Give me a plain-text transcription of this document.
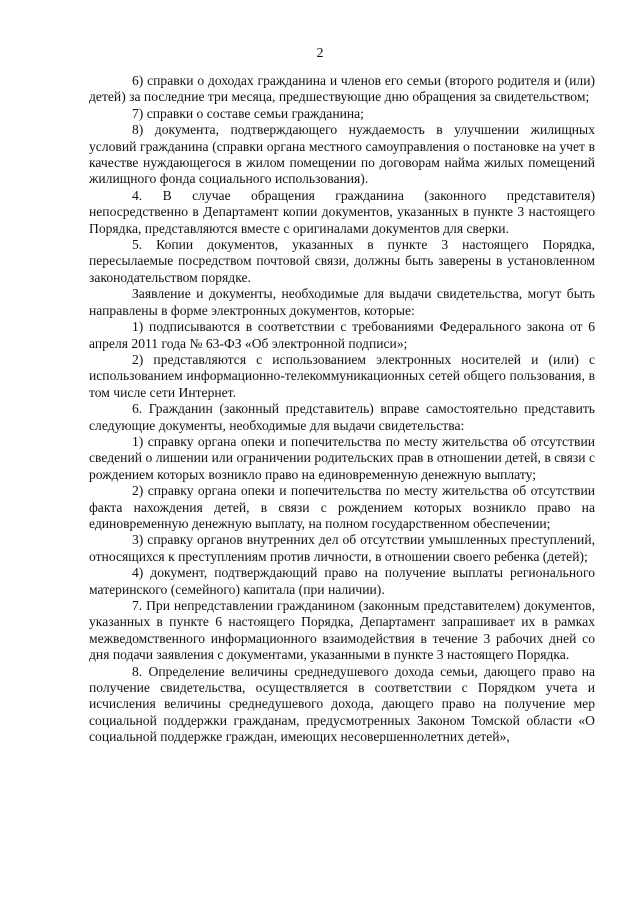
2

6) справки о доходах гражданина и членов его семьи (второго родителя и (или) детей) за последние три месяца, предшествующие дню обращения за свидетельством;

7) справки о составе семьи гражданина;

8) документа, подтверждающего нуждаемость в улучшении жилищных условий гражданина (справки органа местного самоуправления о постановке на учет в качестве нуждающегося в жилом помещении по договорам найма жилых помещений жилищного фонда социального использования).

4. В случае обращения гражданина (законного представителя) непосредственно в Департамент копии документов, указанных в пункте 3 настоящего Порядка, представляются вместе с оригиналами документов для сверки.

5. Копии документов, указанных в пункте 3 настоящего Порядка, пересылаемые посредством почтовой связи, должны быть заверены в установленном законодательством порядке.

Заявление и документы, необходимые для выдачи свидетельства, могут быть направлены в форме электронных документов, которые:

1) подписываются в соответствии с требованиями Федерального закона от 6 апреля 2011 года № 63-ФЗ «Об электронной подписи»;

2) представляются с использованием электронных носителей и (или) с использованием информационно-телекоммуникационных сетей общего пользования, в том числе сети Интернет.

6. Гражданин (законный представитель) вправе самостоятельно представить следующие документы, необходимые для выдачи свидетельства:

1) справку органа опеки и попечительства по месту жительства об отсутствии сведений о лишении или ограничении родительских прав в отношении детей, в связи с рождением которых возникло право на единовременную денежную выплату;

2) справку органа опеки и попечительства по месту жительства об отсутствии факта нахождения детей, в связи с рождением которых возникло право на единовременную денежную выплату, на полном государственном обеспечении;

3) справку органов внутренних дел об отсутствии умышленных преступлений, относящихся к преступлениям против личности, в отношении своего ребенка (детей);

4) документ, подтверждающий право на получение выплаты регионального материнского (семейного) капитала (при наличии).

7. При непредставлении гражданином (законным представителем) документов, указанных в пункте 6 настоящего Порядка, Департамент запрашивает их в рамках межведомственного информационного взаимодействия в течение 3 рабочих дней со дня подачи заявления с документами, указанными в пункте 3 настоящего Порядка.

8. Определение величины среднедушевого дохода семьи, дающего право на получение свидетельства, осуществляется в соответствии с Порядком учета и исчисления величины среднедушевого дохода, дающего право на получение мер социальной поддержки гражданам, предусмотренных Законом Томской области «О социальной поддержке граждан, имеющих несовершеннолетних детей»,
